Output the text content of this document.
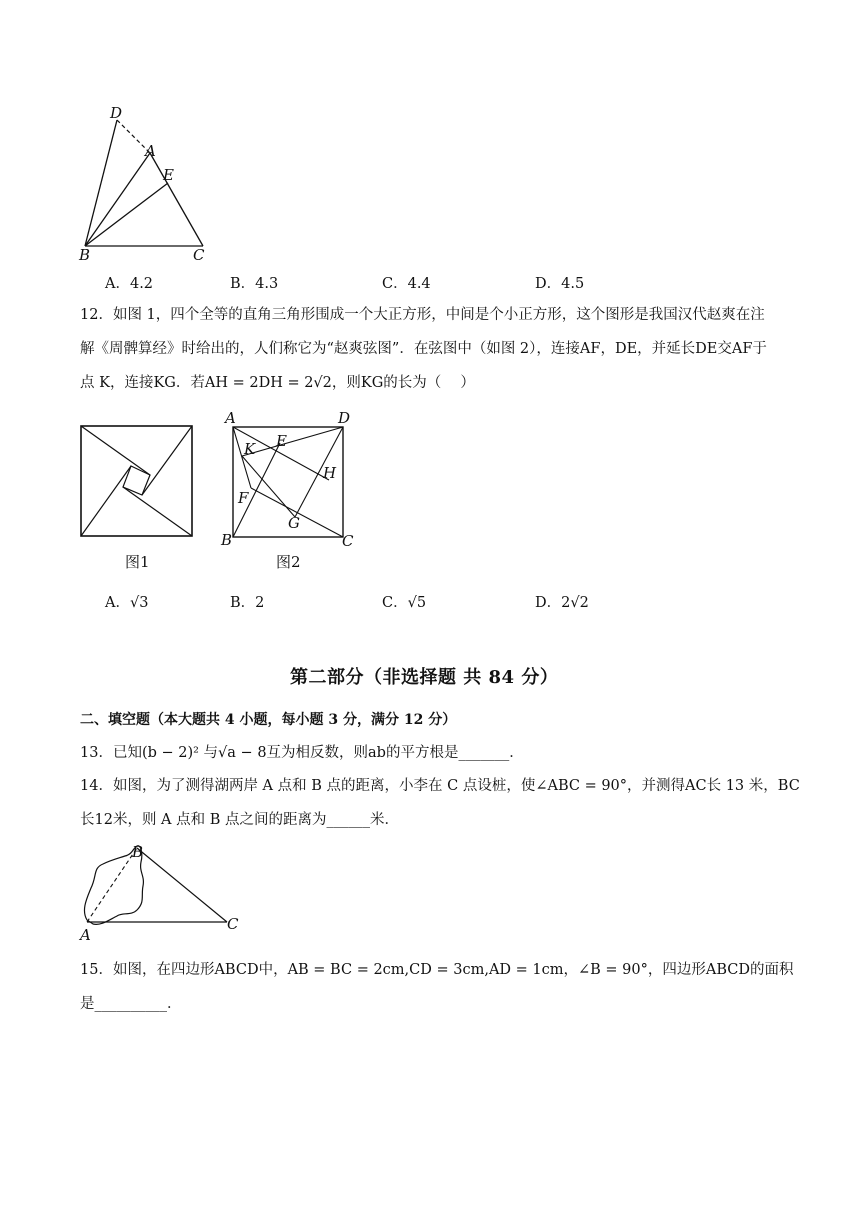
D
A
E
B	C
A．4.2	B．4.3	C．4.4	D．4.5
12．如图 1，四个全等的直角三角形围成一个大正方形，中间是个小正方形，这个图形是我国汉代赵爽在注
解《周髀算经》时给出的，人们称它为“赵爽弦图”．在弦图中（如图 2），连接AF，DE，并延长DE交AF于
点 K，连接KG．若AH = 2DH = 2√2，则KG的长为（　 ）
图1
A	D
K E
H
F
G
B	C
图2
A．√3	B．2	C．√5	D．2√2
第二部分（非选择题 共 84 分）
二、填空题（本大题共 4 小题，每小题 3 分，满分 12 分）
13．已知(b − 2)² 与√a − 8互为相反数，则ab的平方根是_______．
14．如图，为了测得湖两岸 A 点和 B 点的距离，小李在 C 点设桩，使∠ABC = 90°，并测得AC长 13 米，BC
长12米，则 A 点和 B 点之间的距离为______米．
A
B
C
15．如图，在四边形ABCD中，AB = BC = 2cm,CD = 3cm,AD = 1cm，∠B = 90°，四边形ABCD的面积
是__________．
